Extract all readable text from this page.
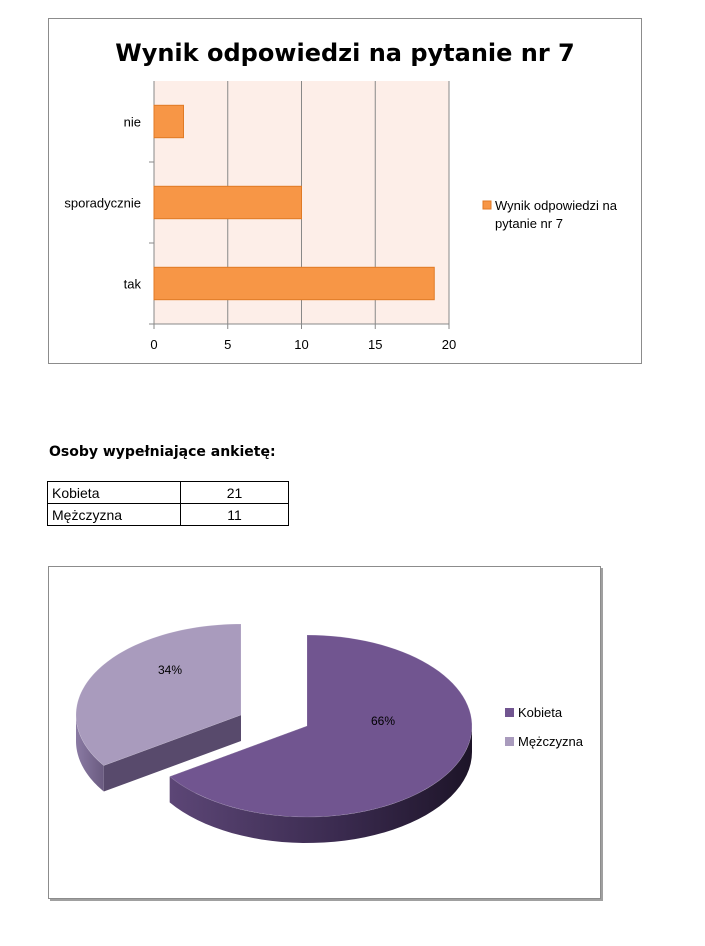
Wynik odpowiedzi na pytanie nr 7
0	5	10	15	20
nie
sporadycznie
tak
Wynik odpowiedzi na pytanie nr 7
Osoby wypełniające ankietę:
Kobieta	21
Mężczyzna	11
66%
34%
Kobieta
Mężczyzna
